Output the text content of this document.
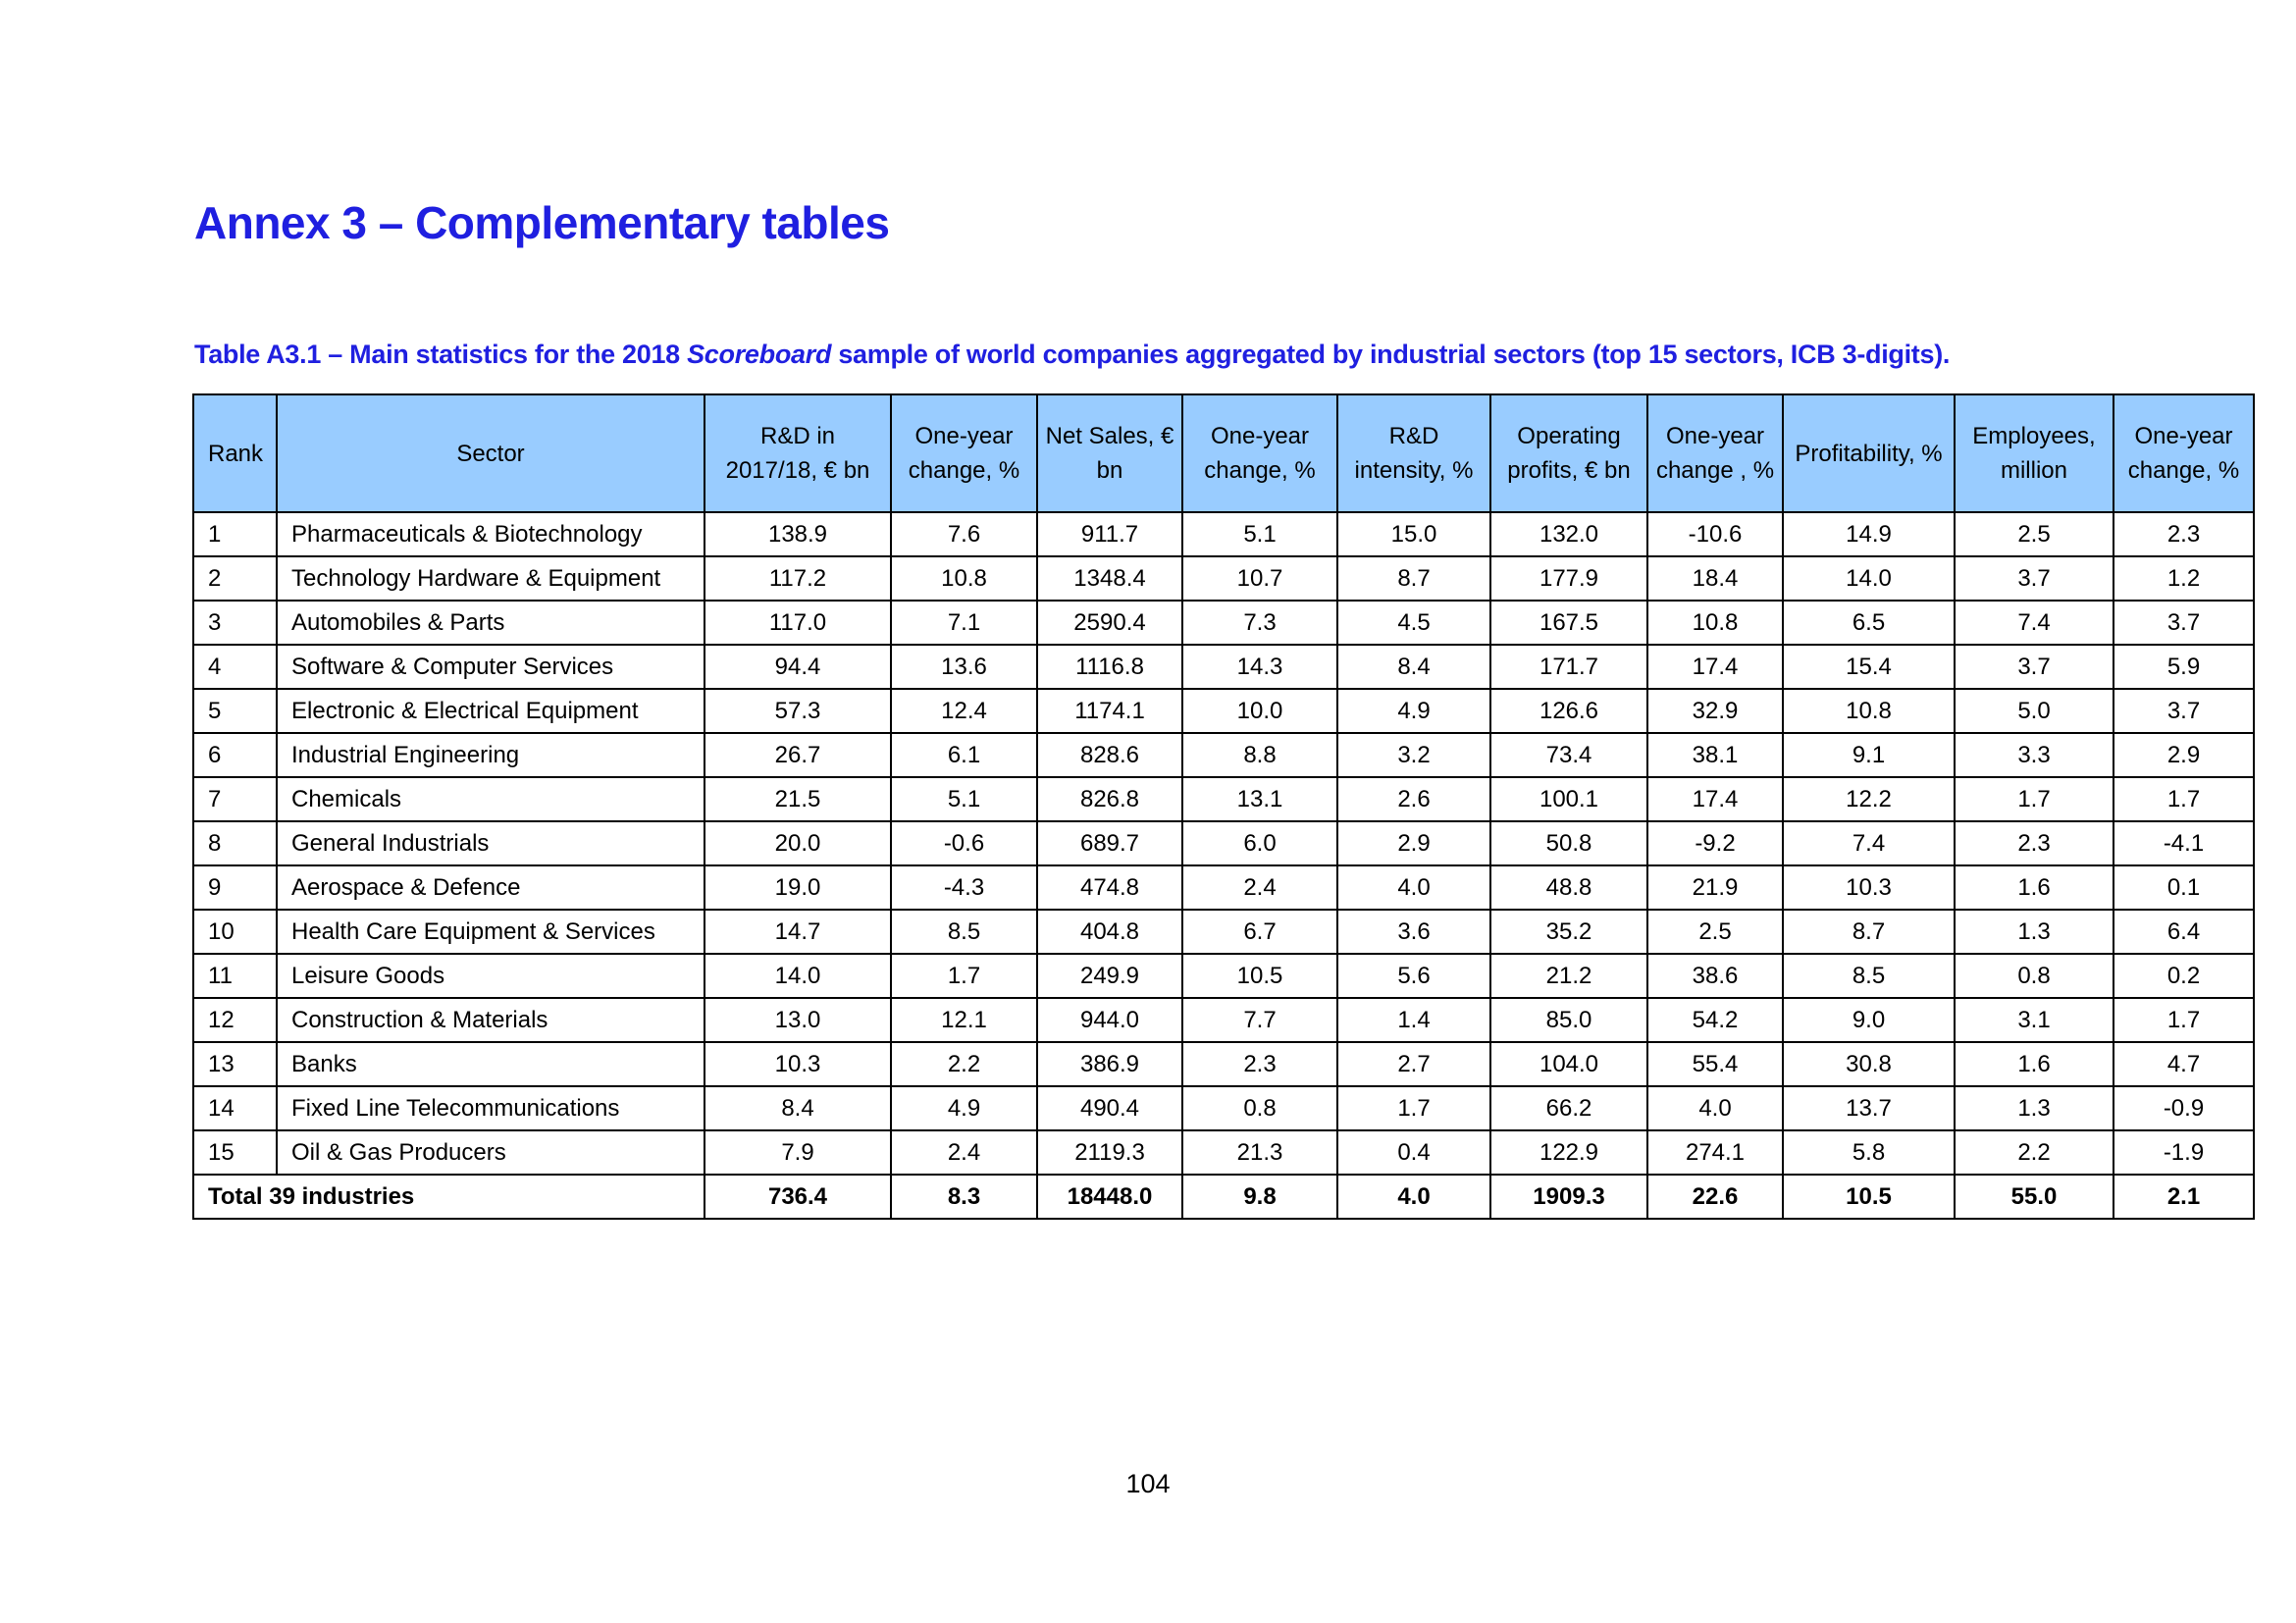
Annex 3 – Complementary tables

Table A3.1 – Main statistics for the 2018 Scoreboard sample of world companies aggregated by industrial sectors (top 15 sectors, ICB 3-digits).

Rank	Sector	R&D in 2017/18, € bn	One-year change, %	Net Sales, € bn	One-year change, %	R&D intensity, %	Operating profits, € bn	One-year change , %	Profitability, %	Employees, million	One-year change, %
1	Pharmaceuticals & Biotechnology	138.9	7.6	911.7	5.1	15.0	132.0	-10.6	14.9	2.5	2.3
2	Technology Hardware & Equipment	117.2	10.8	1348.4	10.7	8.7	177.9	18.4	14.0	3.7	1.2
3	Automobiles & Parts	117.0	7.1	2590.4	7.3	4.5	167.5	10.8	6.5	7.4	3.7
4	Software & Computer Services	94.4	13.6	1116.8	14.3	8.4	171.7	17.4	15.4	3.7	5.9
5	Electronic & Electrical Equipment	57.3	12.4	1174.1	10.0	4.9	126.6	32.9	10.8	5.0	3.7
6	Industrial Engineering	26.7	6.1	828.6	8.8	3.2	73.4	38.1	9.1	3.3	2.9
7	Chemicals	21.5	5.1	826.8	13.1	2.6	100.1	17.4	12.2	1.7	1.7
8	General Industrials	20.0	-0.6	689.7	6.0	2.9	50.8	-9.2	7.4	2.3	-4.1
9	Aerospace & Defence	19.0	-4.3	474.8	2.4	4.0	48.8	21.9	10.3	1.6	0.1
10	Health Care Equipment & Services	14.7	8.5	404.8	6.7	3.6	35.2	2.5	8.7	1.3	6.4
11	Leisure Goods	14.0	1.7	249.9	10.5	5.6	21.2	38.6	8.5	0.8	0.2
12	Construction & Materials	13.0	12.1	944.0	7.7	1.4	85.0	54.2	9.0	3.1	1.7
13	Banks	10.3	2.2	386.9	2.3	2.7	104.0	55.4	30.8	1.6	4.7
14	Fixed Line Telecommunications	8.4	4.9	490.4	0.8	1.7	66.2	4.0	13.7	1.3	-0.9
15	Oil & Gas Producers	7.9	2.4	2119.3	21.3	0.4	122.9	274.1	5.8	2.2	-1.9
Total 39 industries		736.4	8.3	18448.0	9.8	4.0	1909.3	22.6	10.5	55.0	2.1
104
